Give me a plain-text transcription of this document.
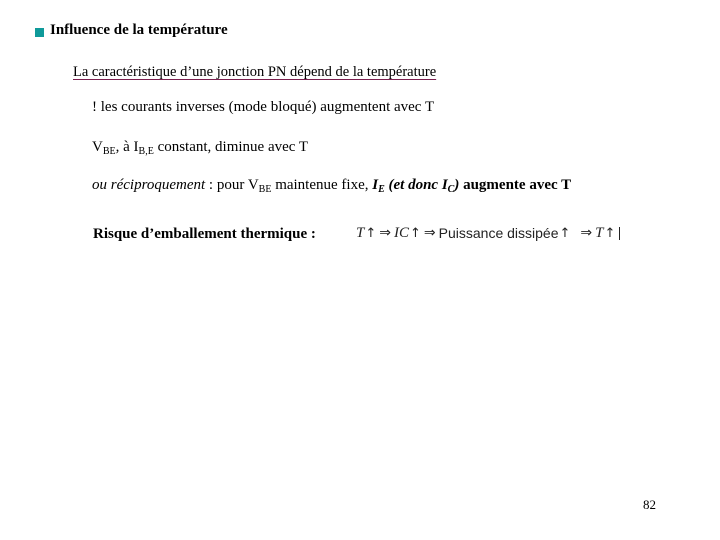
Influence de la température
La caractéristique d’une jonction PN dépend de la température
! les courants inverses (mode bloqué) augmentent avec T
$V_{BE}$, à $I_{B,E}$ constant, diminue avec T
ou réciproquement : pour $V_{BE}$ maintenue fixe, $I_E$ (et donc $I_C$) augmente avec T
Risque d’emballement thermique :	T ↑ ⇒ I C ↑ ⇒ Puissance dissipée ↑ ⇒ T ↑
82
